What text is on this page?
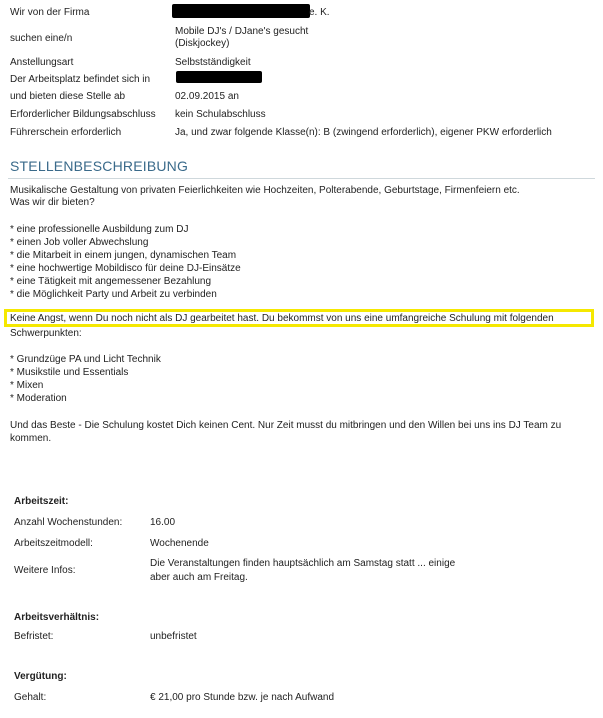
Wir von der Firma	e. K.
suchen eine/n
Mobile DJ's / DJane's gesucht
(Diskjockey)
Anstellungsart	Selbstständigkeit
Der Arbeitsplatz befindet sich in
und bieten diese Stelle ab	02.09.2015 an
Erforderlicher Bildungsabschluss kein Schulabschluss
Führerschein erforderlich	Ja, und zwar folgende Klasse(n): B (zwingend erforderlich), eigener PKW erforderlich
STELLENBESCHREIBUNG
Musikalische Gestaltung von privaten Feierlichkeiten wie Hochzeiten, Polterabende, Geburtstage, Firmenfeiern etc.
Was wir dir bieten?
* eine professionelle Ausbildung zum DJ
* einen Job voller Abwechslung
* die Mitarbeit in einem jungen, dynamischen Team
* eine hochwertige Mobildisco für deine DJ-Einsätze
* eine Tätigkeit mit angemessener Bezahlung
* die Möglichkeit Party und Arbeit zu verbinden
Keine Angst, wenn Du noch nicht als DJ gearbeitet hast. Du bekommst von uns eine umfangreiche Schulung mit folgenden
Schwerpunkten:
* Grundzüge PA und Licht Technik
* Musikstile und Essentials
* Mixen
* Moderation
Und das Beste - Die Schulung kostet Dich keinen Cent. Nur Zeit musst du mitbringen und den Willen bei uns ins DJ Team zu
kommen.
Arbeitszeit:
Anzahl Wochenstunden:	16.00
Arbeitszeitmodell:	Wochenende
Weitere Infos:
Die Veranstaltungen finden hauptsächlich am Samstag statt ... einige
aber auch am Freitag.
Arbeitsverhältnis:
Befristet:	unbefristet
Vergütung:
Gehalt:	€ 21,00 pro Stunde bzw. je nach Aufwand
